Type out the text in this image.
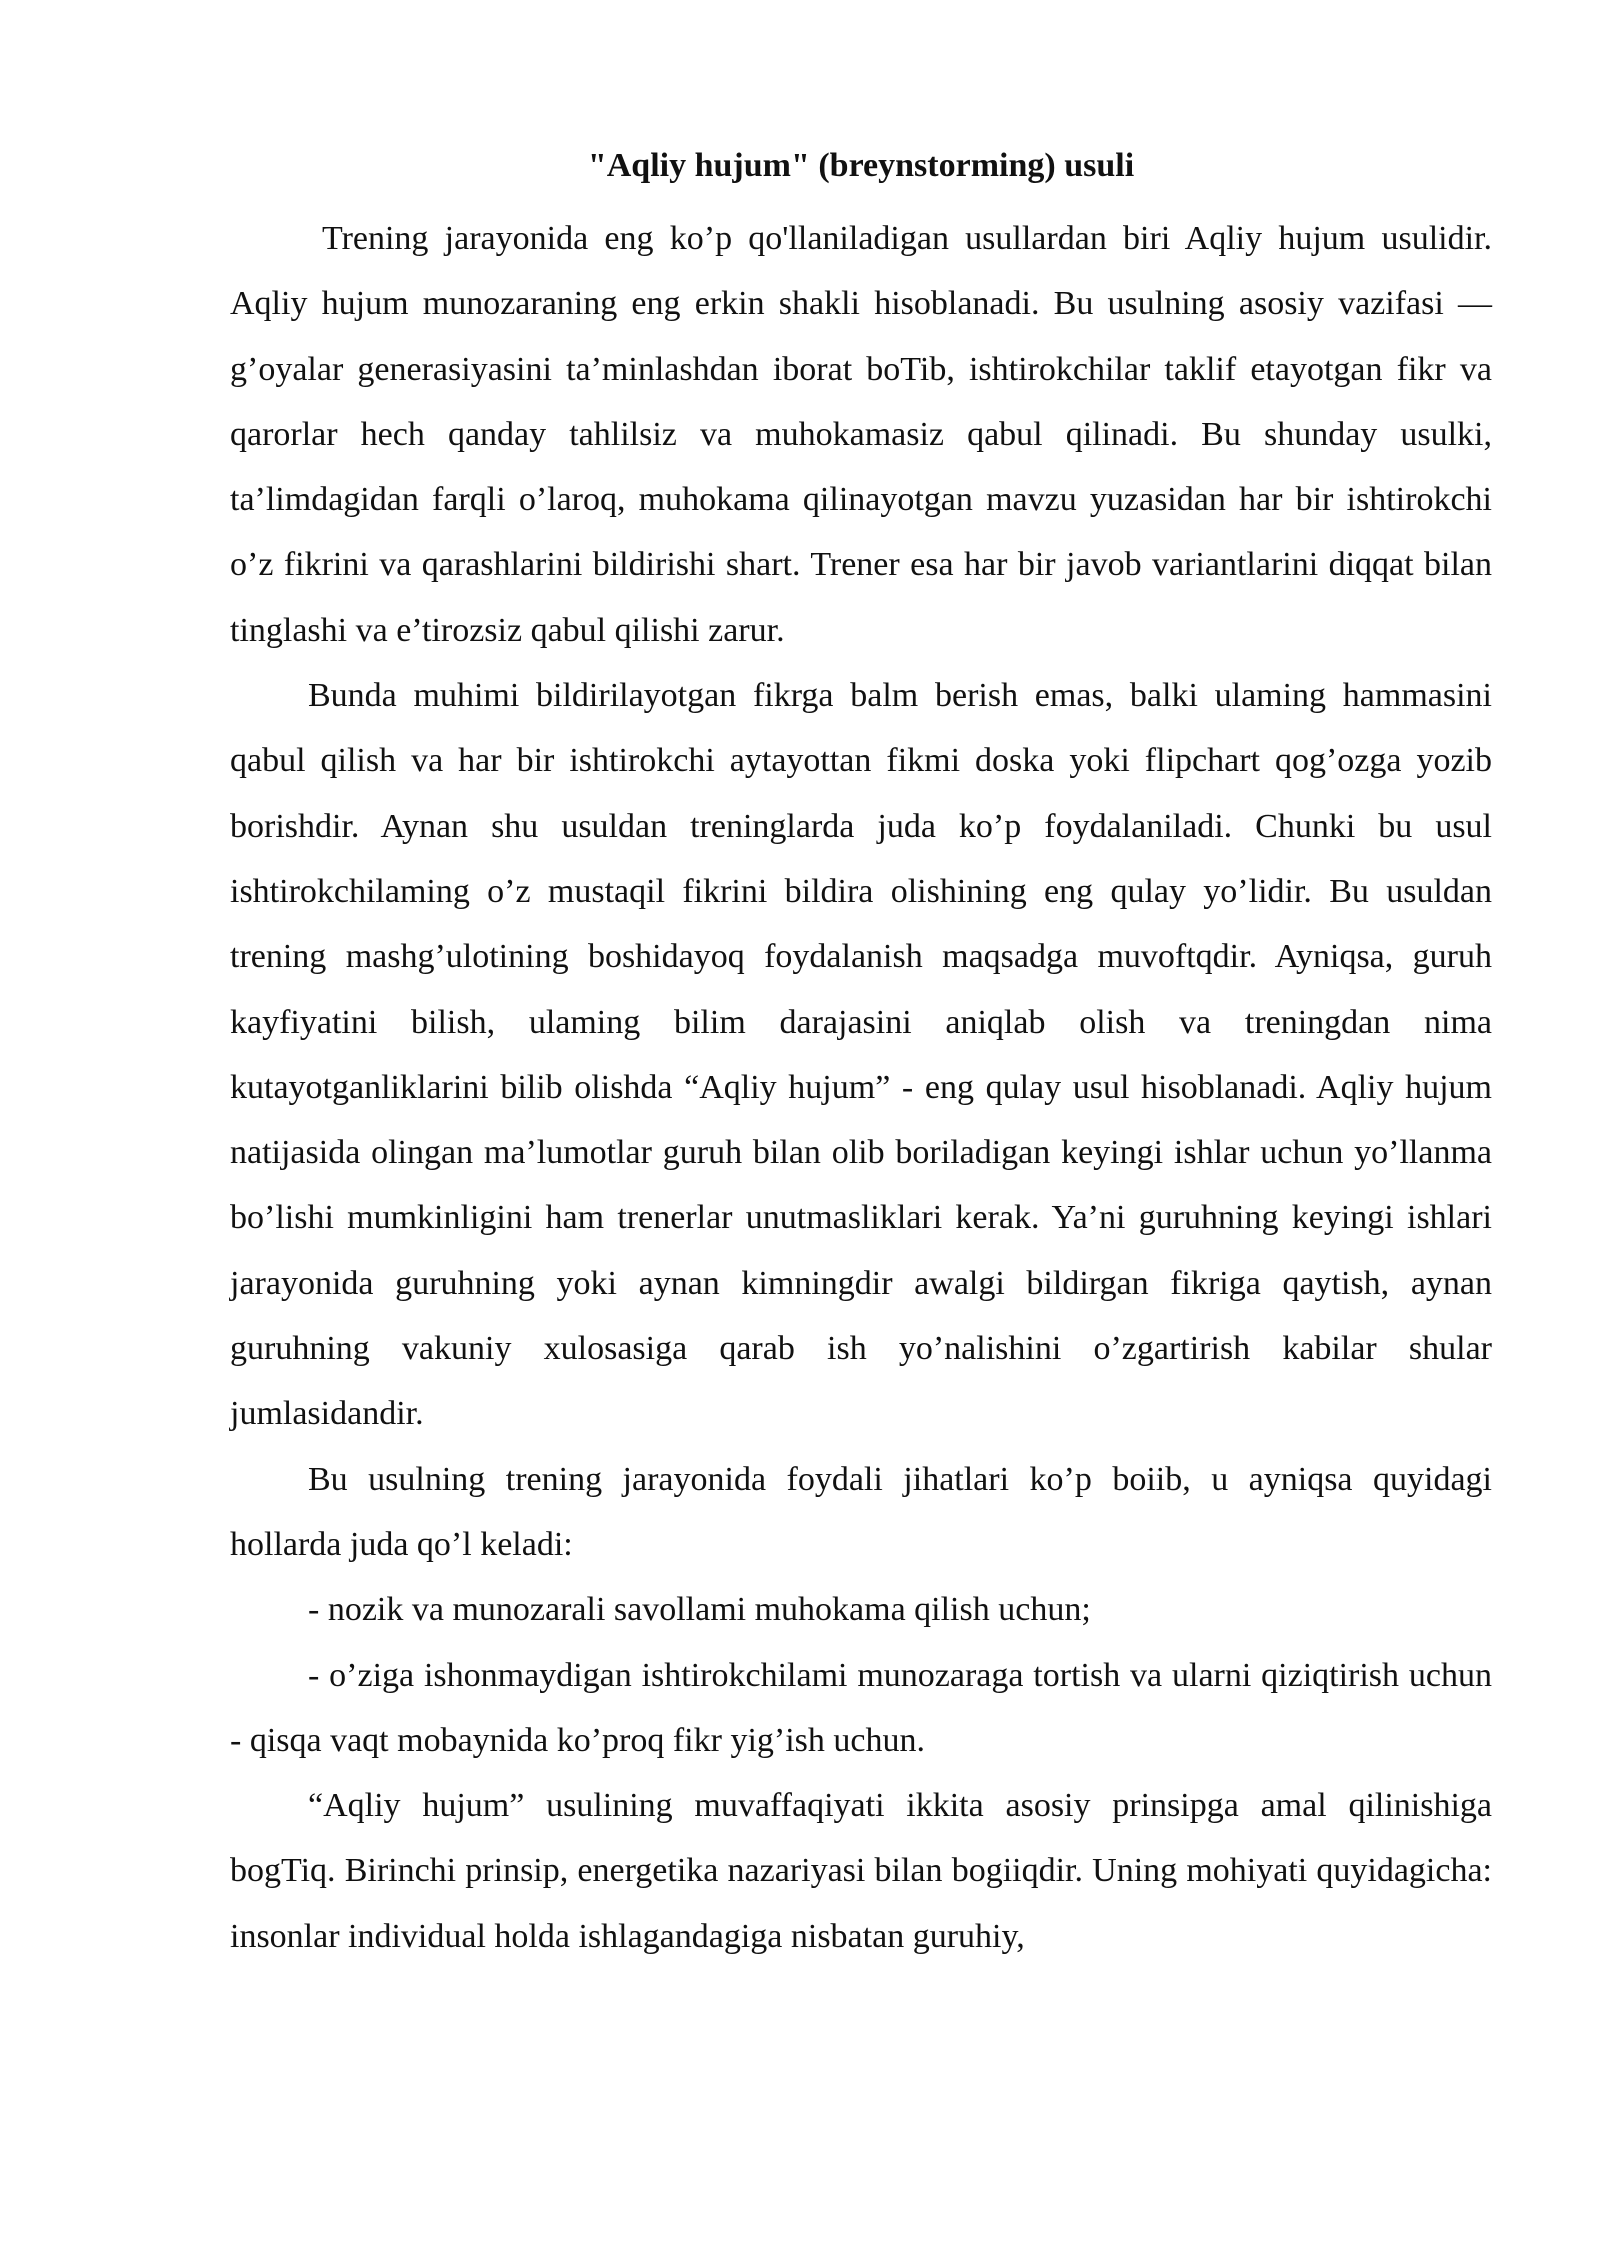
"Aqliy hujum" (breynstorming) usuli

Trening jarayonida eng ko’p qo'llaniladigan usullardan biri Aqliy hujum usulidir. Aqliy hujum munozaraning eng erkin shakli hisoblanadi. Bu usulning asosiy vazifasi — g’oyalar generasiyasini ta’minlashdan iborat boTib, ishtirokchilar taklif etayotgan fikr va qarorlar hech qanday tahlilsiz va muhokamasiz qabul qilinadi. Bu shunday usulki, ta’limdagidan farqli o’laroq, muhokama qilinayotgan mavzu yuzasidan har bir ishtirokchi o’z fikrini va qarashlarini bildirishi shart. Trener esa har bir javob variantlarini diqqat bilan tinglashi va e’tirozsiz qabul qilishi zarur.

Bunda muhimi bildirilayotgan fikrga balm berish emas, balki ulaming hammasini qabul qilish va har bir ishtirokchi aytayottan fikmi doska yoki flipchart qog’ozga yozib borishdir. Aynan shu usuldan treninglarda juda ko’p foydalaniladi. Chunki bu usul ishtirokchilaming o’z mustaqil fikrini bildira olishining eng qulay yo’lidir. Bu usuldan trening mashg’ulotining boshidayoq foydalanish maqsadga muvoftqdir. Ayniqsa, guruh kayfiyatini bilish, ulaming bilim darajasini aniqlab olish va treningdan nima kutayotganliklarini bilib olishda “Aqliy hujum” - eng qulay usul hisoblanadi. Aqliy hujum natijasida olingan ma’lumotlar guruh bilan olib boriladigan keyingi ishlar uchun yo’llanma bo’lishi mumkinligini ham trenerlar unutmasliklari kerak. Ya’ni guruhning keyingi ishlari jarayonida guruhning yoki aynan kimningdir awalgi bildirgan fikriga qaytish, aynan guruhning vakuniy xulosasiga qarab ish yo’nalishini o’zgartirish kabilar shular jumlasidandir.

Bu usulning trening jarayonida foydali jihatlari ko’p boiib, u ayniqsa quyidagi hollarda juda qo’l keladi:

- nozik va munozarali savollami muhokama qilish uchun;

- o’ziga ishonmaydigan ishtirokchilami munozaraga tortish va ularni qiziqtirish uchun - qisqa vaqt mobaynida ko’proq fikr yig’ish uchun.

“Aqliy hujum” usulining muvaffaqiyati ikkita asosiy prinsipga amal qilinishiga bogTiq. Birinchi prinsip, energetika nazariyasi bilan bogiiqdir. Uning mohiyati quyidagicha: insonlar individual holda ishlagandagiga nisbatan guruhiy,
